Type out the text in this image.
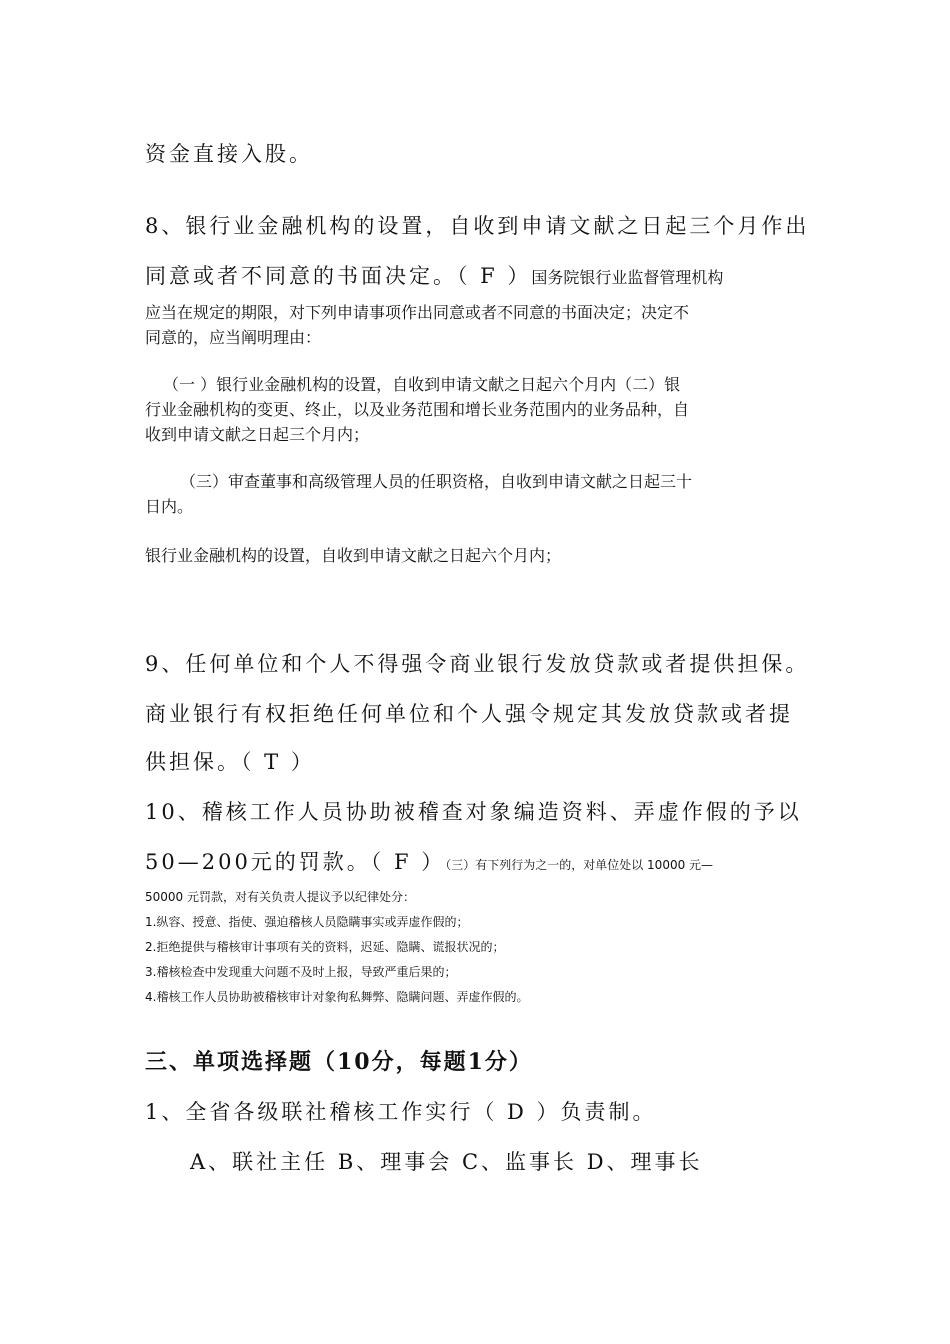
资金直接入股。
8、银行业金融机构的设置，自收到申请文献之日起三个月作出
同意或者不同意的书面决定。（ F ）国务院银行业监督管理机构
应当在规定的期限，对下列申请事项作出同意或者不同意的书面决定；决定不
同意的，应当阐明理由：
（一 ）银行业金融机构的设置，自收到申请文献之日起六个月内（二）银
行业金融机构的变更、终止，以及业务范围和增长业务范围内的业务品种，自
收到申请文献之日起三个月内；
（三）审查董事和高级管理人员的任职资格，自收到申请文献之日起三十
日内。
银行业金融机构的设置，自收到申请文献之日起六个月内；
9、任何单位和个人不得强令商业银行发放贷款或者提供担保。
商业银行有权拒绝任何单位和个人强令规定其发放贷款或者提
供担保。（ T ）
10、稽核工作人员协助被稽查对象编造资料、弄虚作假的予以
50—200元的罚款。（ F ）（三）有下列行为之一的，对单位处以 10000 元—
50000 元罚款，对有关负责人提议予以纪律处分：
1.纵容、授意、指使、强迫稽核人员隐瞒事实或弄虚作假的；
2.拒绝提供与稽核审计事项有关的资料，迟延、隐瞒、谎报状况的；
3.稽核检查中发现重大问题不及时上报，导致严重后果的；
4.稽核工作人员协助被稽核审计对象徇私舞弊、隐瞒问题、弄虚作假的。
三、单项选择题（10分，每题1分）
1、全省各级联社稽核工作实行（ D ）负责制。
A、联社主任 B、理事会 C、监事长 D、理事长
